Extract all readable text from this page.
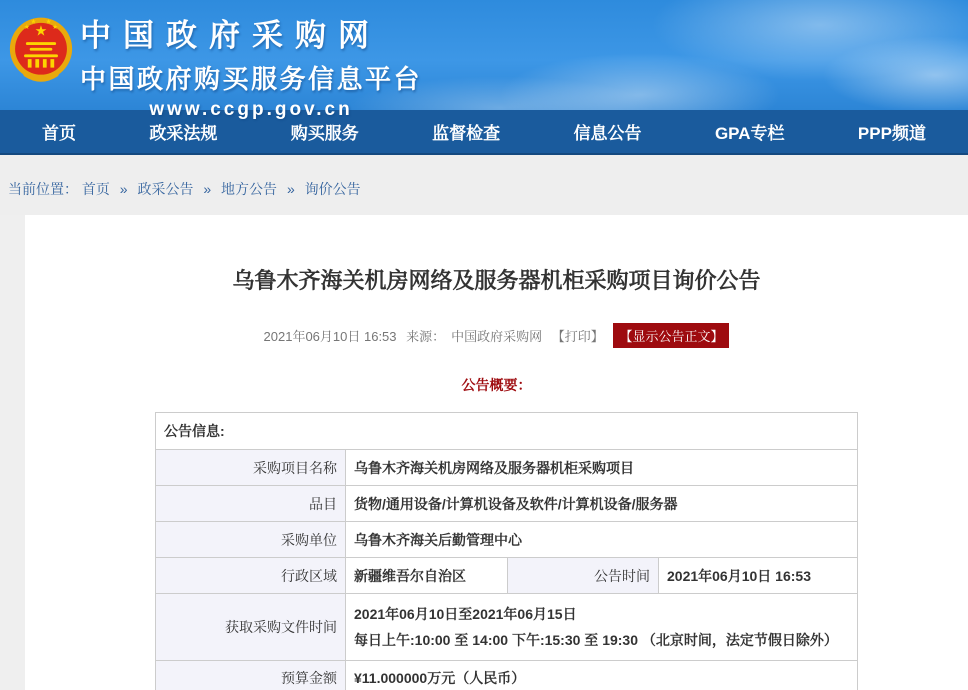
★
★
★ ★
★ 中国政府采购网
中国政府购买服务信息平台
www.ccgp.gov.cn
首页	政采法规	购买服务	监督检查	信息公告	GPA专栏	PPP频道
当前位置： 首页 » 政采公告 » 地方公告 » 询价公告
乌鲁木齐海关机房网络及服务器机柜采购项目询价公告
2021年06月10日 16:53 来源： 中国政府采购网 【打印】 【显示公告正文】
公告概要：
公告信息:			
采购项目名称	乌鲁木齐海关机房网络及服务器机柜采购项目		
品目	货物/通用设备/计算机设备及软件/计算机设备/服务器		
采购单位	乌鲁木齐海关后勤管理中心		
行政区域	新疆维吾尔自治区	公告时间	2021年06月10日 16:53
获取采购文件时间	2021年06月10日至2021年06月15日
每日上午:10:00 至 14:00 下午:15:30 至 19:30 （北京时间，法定节假日除外）		

预算金额	¥11.000000万元（人民币）		
